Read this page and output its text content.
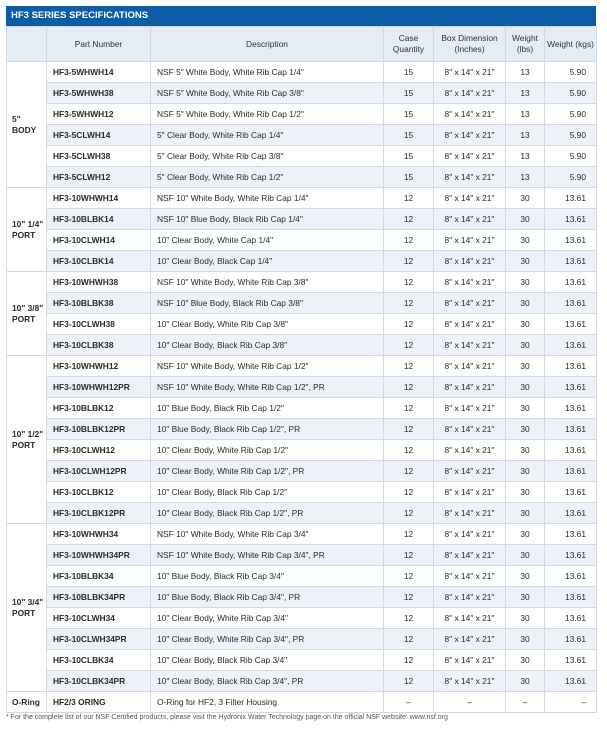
HF3 SERIES SPECIFICATIONS
	Part Number	Description	Case Quantity	Box Dimension (Inches)	Weight (lbs)	Weight (kgs)
5" BODY	HF3-5WHWH14	NSF 5" White Body, White Rib Cap 1/4"	15	8" x 14" x 21"	13	5.90
	HF3-5WHWH38	NSF 5" White Body, White Rib Cap 3/8"	15	8" x 14" x 21"	13	5.90
	HF3-5WHWH12	NSF 5" White Body, White Rib Cap 1/2"	15	8" x 14" x 21"	13	5.90
	HF3-5CLWH14	5" Clear Body, White Rib Cap 1/4"	15	8" x 14" x 21"	13	5.90
	HF3-5CLWH38	5" Clear Body, White Rib Cap 3/8"	15	8" x 14" x 21"	13	5.90
	HF3-5CLWH12	5" Clear Body, White Rib Cap 1/2"	15	8" x 14" x 21"	13	5.90
10" 1/4" PORT	HF3-10WHWH14	NSF 10" White Body, White Rib Cap 1/4"	12	8" x 14" x 21"	30	13.61
	HF3-10BLBK14	NSF 10" Blue Body, Black Rib Cap 1/4"	12	8" x 14" x 21"	30	13.61
	HF3-10CLWH14	10" Clear Body, White Cap 1/4"	12	8" x 14" x 21"	30	13.61
	HF3-10CLBK14	10" Clear Body, Black Cap 1/4"	12	8" x 14" x 21"	30	13.61
10" 3/8" PORT	HF3-10WHWH38	NSF 10" White Body, White Rib Cap 3/8"	12	8" x 14" x 21"	30	13.61
	HF3-10BLBK38	NSF 10" Blue Body, Black Rib Cap 3/8"	12	8" x 14" x 21"	30	13.61
	HF3-10CLWH38	10" Clear Body, White Rib Cap 3/8"	12	8" x 14" x 21"	30	13.61
	HF3-10CLBK38	10" Clear Body, Black Rib Cap 3/8"	12	8" x 14" x 21"	30	13.61
10" 1/2" PORT	HF3-10WHWH12	NSF 10" White Body, White Rib Cap 1/2"	12	8" x 14" x 21"	30	13.61
	HF3-10WHWH12PR	NSF 10" White Body, White Rib Cap 1/2", PR	12	8" x 14" x 21"	30	13.61
	HF3-10BLBK12	10" Blue Body, Black Rib Cap 1/2"	12	8" x 14" x 21"	30	13.61
	HF3-10BLBK12PR	10" Blue Body, Black Rib Cap 1/2", PR	12	8" x 14" x 21"	30	13.61
	HF3-10CLWH12	10" Clear Body, White Rib Cap 1/2"	12	8" x 14" x 21"	30	13.61
	HF3-10CLWH12PR	10" Clear Body, White Rib Cap 1/2", PR	12	8" x 14" x 21"	30	13.61
	HF3-10CLBK12	10" Clear Body, Black Rib Cap 1/2"	12	8" x 14" x 21"	30	13.61
	HF3-10CLBK12PR	10" Clear Body, Black Rib Cap 1/2", PR	12	8" x 14" x 21"	30	13.61
10" 3/4" PORT	HF3-10WHWH34	NSF 10" White Body, White Rib Cap 3/4"	12	8" x 14" x 21"	30	13.61
	HF3-10WHWH34PR	NSF 10" White Body, White Rib Cap 3/4", PR	12	8" x 14" x 21"	30	13.61
	HF3-10BLBK34	10" Blue Body, Black Rib Cap 3/4"	12	8" x 14" x 21"	30	13.61
	HF3-10BLBK34PR	10" Blue Body, Black Rib Cap 3/4", PR	12	8" x 14" x 21"	30	13.61
	HF3-10CLWH34	10" Clear Body, White Rib Cap 3/4"	12	8" x 14" x 21"	30	13.61
	HF3-10CLWH34PR	10" Clear Body, White Rib Cap 3/4", PR	12	8" x 14" x 21"	30	13.61
	HF3-10CLBK34	10" Clear Body, Black Rib Cap 3/4"	12	8" x 14" x 21"	30	13.61
	HF3-10CLBK34PR	10" Clear Body, Black Rib Cap 3/4", PR	12	8" x 14" x 21"	30	13.61
O-Ring	HF2/3 ORING	O-Ring for HF2, 3 Filter Housing	–	–	–	–
* For the complete list of our NSF Certified products, please visit the Hydronix Water Technology page on the official NSF website: www.nsf.org
